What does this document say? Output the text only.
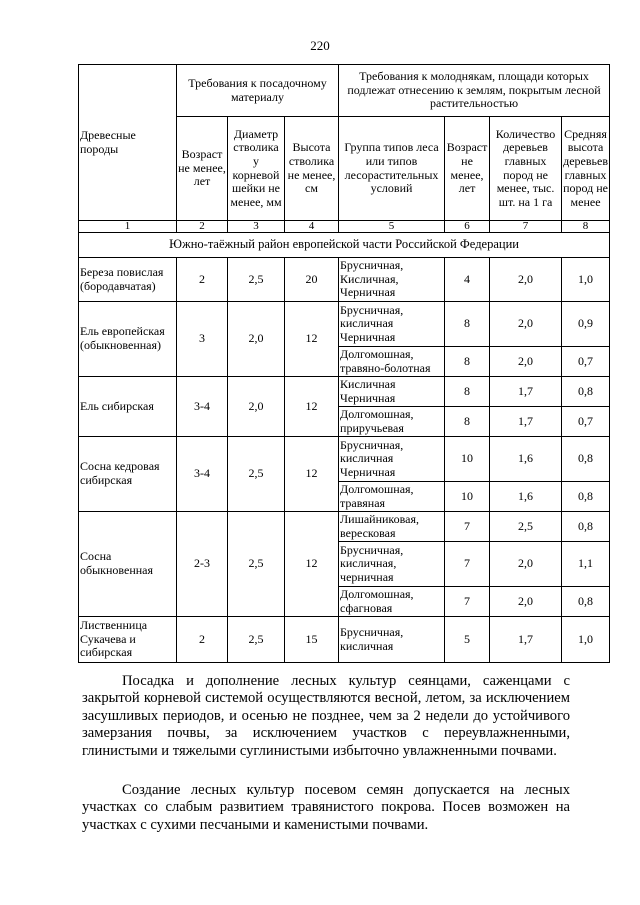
220
Древесные породы	Требования к посадочному материалу			Требования к молоднякам, площади которых подлежат отнесению к землям, покрытым лесной растительностью			
	Возраст не менее, лет	Диаметр стволика у корневой шейки не менее, мм	Высота стволика не менее, см	Группа типов леса или типов лесорастительных условий	Возраст не менее, лет	Количество деревьев главных пород не менее, тыс. шт. на 1 га	Средняя высота деревьев главных пород не менее
1	2	3	4	5	6	7	8
Южно-таёжный район европейской части Российской Федерации							
Береза повислая (бородавчатая)	2	2,5	20	Брусничная, Кисличная, Черничная	4	2,0	1,0
Ель европейская (обыкновенная)	3	2,0	12	Брусничная, кисличная Черничная	8	2,0	0,9
				Долгомошная, травяно-болотная	8	2,0	0,7
Ель сибирская	3-4	2,0	12	Кисличная Черничная	8	1,7	0,8
				Долгомошная, приручьевая	8	1,7	0,7
Сосна кедровая сибирская	3-4	2,5	12	Брусничная, кисличная Черничная	10	1,6	0,8
				Долгомошная, травяная	10	1,6	0,8
Сосна обыкновенная	2-3	2,5	12	Лишайниковая, вересковая	7	2,5	0,8
				Брусничная, кисличная, черничная	7	2,0	1,1
				Долгомошная, сфагновая	7	2,0	0,8
Лиственница Сукачева и сибирская	2	2,5	15	Брусничная, кисличная	5	1,7	1,0

Посадка и дополнение лесных культур сеянцами, саженцами с закрытой корневой системой осуществляются весной, летом, за исключением засушливых периодов, и осенью не позднее, чем за 2 недели до устойчивого замерзания почвы, за исключением участков с переувлажненными, глинистыми и тяжелыми суглинистыми избыточно увлажненными почвами.

Создание лесных культур посевом семян допускается на лесных участках со слабым развитием травянистого покрова. Посев возможен на участках с сухими песчаными и каменистыми почвами.
